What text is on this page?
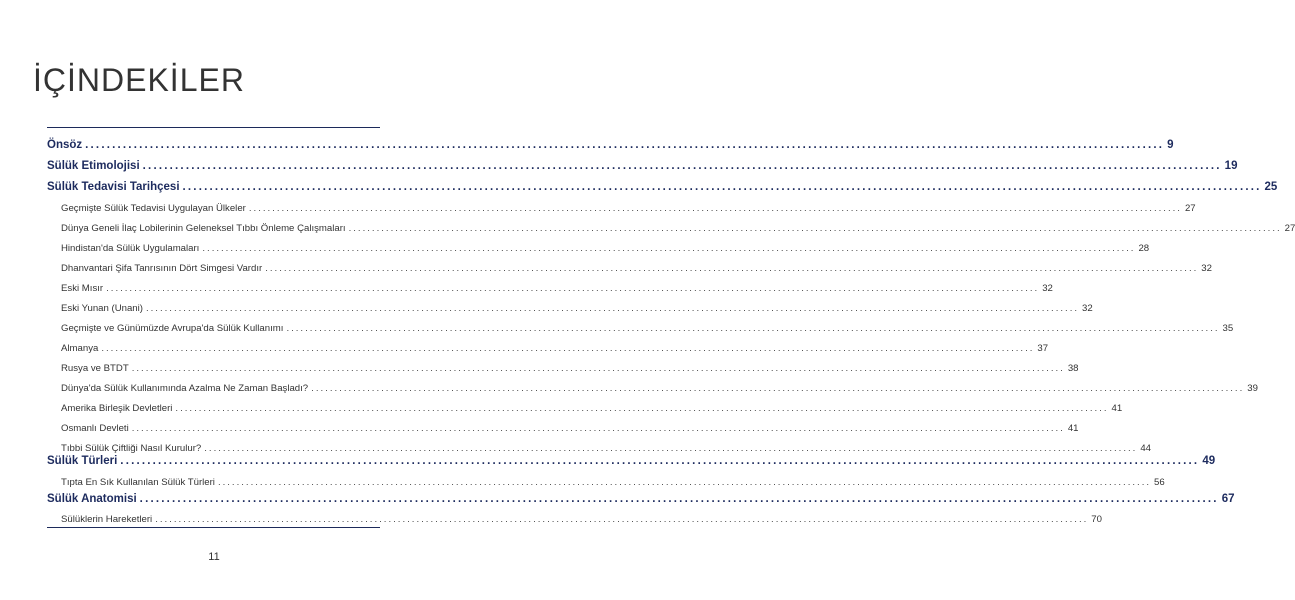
İÇİNDEKİLER
Önsöz ........................................................................................................................................................................................................ 9
Sülük Etimolojisi ........................................................................................................................................................................................................ 19
Sülük Tedavisi Tarihçesi ........................................................................................................................................................................................................ 25
Geçmişte Sülük Tedavisi Uygulayan Ülkeler ........................................................................................................................................................................................................ 27
Dünya Geneli İlaç Lobilerinin Geleneksel Tıbbı Önleme Çalışmaları ........................................................................................................................................................................................................ 27
Hindistan'da Sülük Uygulamaları ........................................................................................................................................................................................................ 28
Dhanvantari Şifa Tanrısının Dört Simgesi Vardır ........................................................................................................................................................................................................ 32
Eski Mısır ........................................................................................................................................................................................................ 32
Eski Yunan (Unani) ........................................................................................................................................................................................................ 32
Geçmişte ve Günümüzde Avrupa'da Sülük Kullanımı ........................................................................................................................................................................................................ 35
Almanya ........................................................................................................................................................................................................ 37
Rusya ve BTDT ........................................................................................................................................................................................................ 38
Dünya'da Sülük Kullanımında Azalma Ne Zaman Başladı? ........................................................................................................................................................................................................ 39
Amerika Birleşik Devletleri ........................................................................................................................................................................................................ 41
Osmanlı Devleti ........................................................................................................................................................................................................ 41
Tıbbi Sülük Çiftliği Nasıl Kurulur? ........................................................................................................................................................................................................ 44
Sülük Türleri ........................................................................................................................................................................................................ 49
Tıpta En Sık Kullanılan Sülük Türleri ........................................................................................................................................................................................................ 56
Sülük Anatomisi ........................................................................................................................................................................................................ 67
Sülüklerin Hareketleri ........................................................................................................................................................................................................ 70
11
